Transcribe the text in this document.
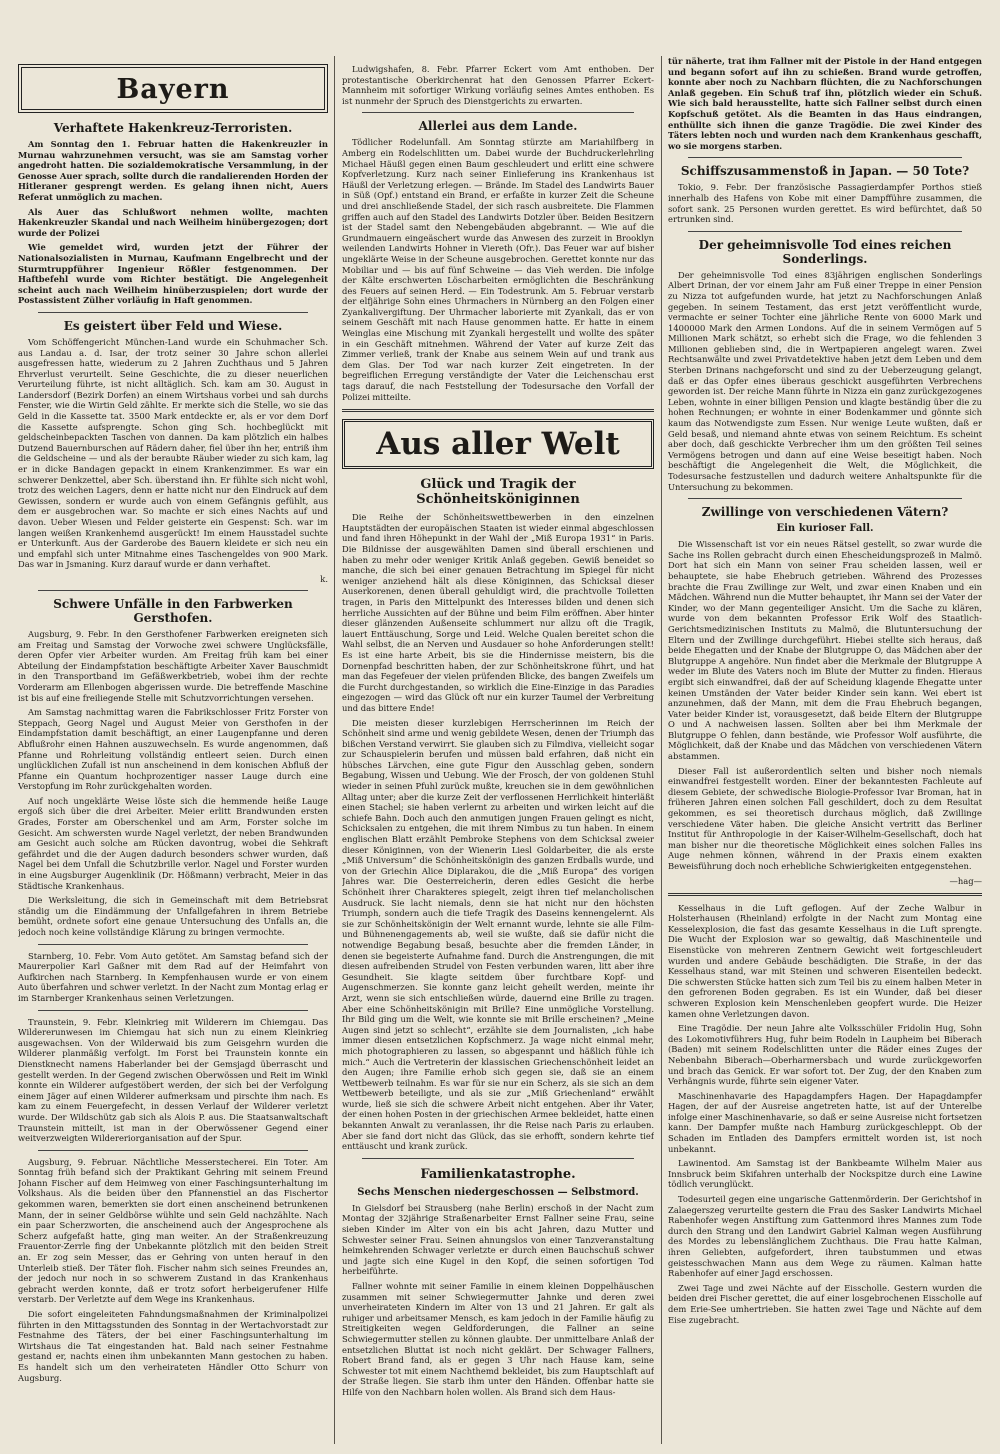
Bayern
Verhaftete Hakenkreuz-Terroristen.

Am Sonntag den 1. Februar hatten die Hakenkreuzler in Murnau wahrzunehmen versucht, was sie am Samstag vorher angedroht hatten. Die sozialdemokratische Versammlung, in der Genosse Auer sprach, sollte durch die randalierenden Horden der Hitleraner gesprengt werden. Es gelang ihnen nicht, Auers Referat unmöglich zu machen.

Als Auer das Schlußwort nehmen wollte, machten Hakenkreuzler Skandal und nach Weilheim hinübergezogen; dort wurde der Polizei

Wie gemeldet wird, wurden jetzt der Führer der Nationalsozialisten in Murnau, Kaufmann Engelbrecht und der Sturmtruppführer Ingenieur Rößler festgenommen. Der Haftbefehl wurde vom Richter bestätigt. Die Angelegenheit scheint auch nach Weilheim hinüberzuspielen; dort wurde der Postassistent Zülher vorläufig in Haft genommen.

Es geistert über Feld und Wiese.

Vom Schöffengericht München-Land wurde ein Schuhmacher Sch. aus Landau a. d. Isar, der trotz seiner 30 Jahre schon allerlei ausgefressen hatte, wiederum zu 2 Jahren Zuchthaus und 5 Jahren Ehrverlust verurteilt. Seine Geschichte, die zu dieser neuerlichen Verurteilung führte, ist nicht alltäglich. Sch. kam am 30. August in Landersdorf (Bezirk Dorfen) an einem Wirtshaus vorbei und sah durchs Fenster, wie die Wirtin Geld zählte. Er merkte sich die Stelle, wo sie das Geld in die Kassette tat. 3500 Mark entdeckte er, als er vor dem Dorf die Kassette aufsprengte. Schon ging Sch. hochbeglückt mit geldscheinbepackten Taschen von dannen. Da kam plötzlich ein halbes Dutzend Bauernburschen auf Rädern daher, fiel über ihn her, entriß ihm die Geldscheine — und als der beraubte Räuber wieder zu sich kam, lag er in dicke Bandagen gepackt in einem Krankenzimmer. Es war ein schwerer Denkzettel, aber Sch. überstand ihn. Er fühlte sich nicht wohl, trotz des weichen Lagers, denn er hatte nicht nur den Eindruck auf dem Gewissen, sondern er wurde auch von einem Gefängnis gefühlt, aus dem er ausgebrochen war. So machte er sich eines Nachts auf und davon. Ueber Wiesen und Felder geisterte ein Gespenst: Sch. war im langen weißen Krankenhemd ausgerückt! Im einem Hausstadel suchte er Unterkunft. Aus der Garderobe des Bauern kleidete er sich neu ein und empfahl sich unter Mitnahme eines Taschengeldes von 900 Mark. Das war in Jsmaning. Kurz darauf wurde er dann verhaftet.

k.
Schwere Unfälle in den Farbwerken Gersthofen.

Augsburg, 9. Febr. In den Gersthofener Farbwerken ereigneten sich am Freitag und Samstag der Vorwoche zwei schwere Unglücksfälle, deren Opfer vier Arbeiter wurden. Am Freitag früh kam bei einer Abteilung der Eindampfstation beschäftigte Arbeiter Xaver Bauschmidt in den Transportband im Gefäßwerkbetrieb, wobei ihm der rechte Vorderarm am Ellenbogen abgerissen wurde. Die betreffende Maschine ist bis auf eine freiliegende Stelle mit Schutzvorrichtungen versehen.

Am Samstag nachmittag waren die Fabrikschlosser Fritz Forster von Steppach, Georg Nagel und August Meier von Gersthofen in der Eindampfstation damit beschäftigt, an einer Laugenpfanne und deren Abflußrohr einen Hahnen auszuwechseln. Es wurde angenommen, daß Pfanne und Rohrleitung vollständig entleert seien. Durch einen unglücklichen Zufall ist nun anscheinend in dem konischen Abfluß der Pfanne ein Quantum hochprozentiger nasser Lauge durch eine Verstopfung im Rohr zurückgehalten worden.

Auf noch ungeklärte Weise löste sich die hemmende heiße Lauge ergoß sich über die drei Arbeiter. Meier erlitt Brandwunden ersten Grades, Forster am Oberschenkel und am Arm, Forster solche im Gesicht. Am schwersten wurde Nagel verletzt, der neben Brandwunden am Gesicht auch solche am Rücken davontrug, wobei die Sehkraft gefährdet und die der Augen dadurch besonders schwer wurden, daß Nagel bei dem Unfall die Schutzbrille verlor. Nagel und Forster wurden in eine Augsburger Augenklinik (Dr. Hößmann) verbracht, Meier in das Städtische Krankenhaus.

Die Werksleitung, die sich in Gemeinschaft mit dem Betriebsrat ständig um die Eindämmung der Unfallgefahren in ihrem Betriebe bemüht, ordnete sofort eine genaue Untersuchung des Unfalls an, die jedoch noch keine vollständige Klärung zu bringen vermochte.

Starnberg, 10. Febr. Vom Auto getötet. Am Samstag befand sich der Maurerpolier Karl Gaßner mit dem Rad auf der Heimfahrt von Aufkirchen nach Starnberg. In Kempfenhausen wurde er von einem Auto überfahren und schwer verletzt. In der Nacht zum Montag erlag er im Starnberger Krankenhaus seinen Verletzungen.

Traunstein, 9. Febr. Kleinkrieg mit Wilderern im Chiemgau. Das Wildererunwesen im Chiemgau hat sich nun zu einem Kleinkrieg ausgewachsen. Von der Wilderwaid bis zum Geisgehrn wurden die Wilderer planmäßig verfolgt. Im Forst bei Traunstein konnte ein Dienstknecht namens Haberlander bei der Gemsjagd überrascht und gestellt werden. In der Gegend zwischen Oberwössen und Reit im Winkl konnte ein Wilderer aufgestöbert werden, der sich bei der Verfolgung einem Jäger auf einen Wilderer aufmerksam und pirschte ihm nach. Es kam zu einem Feuergefecht, in dessen Verlauf der Wilderer verletzt wurde. Der Wildschütz gab sich als Alois P. aus. Die Staatsanwaltschaft Traunstein mitteilt, ist man in der Oberwössener Gegend einer weitverzweigten Wildereriorganisation auf der Spur.

Augsburg, 9. Februar. Nächtliche Messerstecherei. Ein Toter. Am Sonntag früh befand sich der Praktikant Gehring mit seinem Freund Johann Fischer auf dem Heimweg von einer Faschingsunterhaltung im Volkshaus. Als die beiden über den Pfannenstiel an das Fischertor gekommen waren, bemerkten sie dort einen anscheinend betrunkenen Mann, der in seiner Geldbörse wühlte und sein Geld nachzählte. Nach ein paar Scherzworten, die anscheinend auch der Angesprochene als Scherz aufgefaßt hatte, ging man weiter. An der Straßenkreuzung Frauentor-Zerrle fing der Unbekannte plötzlich mit den beiden Streit an. Er zog sein Messer, das er Gehring von unten herauf in den Unterleib stieß. Der Täter floh. Fischer nahm sich seines Freundes an, der jedoch nur noch in so schwerem Zustand in das Krankenhaus gebracht werden konnte, daß er trotz sofort herbeigerufener Hilfe verstarb. Der Verletzte auf dem Wege ins Krankenhaus.

Die sofort eingeleiteten Fahndungsmaßnahmen der Kriminalpolizei führten in den Mittagsstunden des Sonntag in der Wertachvorstadt zur Festnahme des Täters, der bei einer Faschingsunterhaltung im Wirtshaus die Tat eingestanden hat. Bald nach seiner Festnahme gestand er, nachts einen ihm unbekannten Mann gestochen zu haben. Es handelt sich um den verheirateten Händler Otto Schurr von Augsburg.

Ludwigshafen, 8. Febr. Pfarrer Eckert vom Amt enthoben. Der protestantische Oberkirchenrat hat den Genossen Pfarrer Eckert-Mannheim mit sofortiger Wirkung vorläufig seines Amtes enthoben. Es ist nunmehr der Spruch des Dienstgerichts zu erwarten.

Allerlei aus dem Lande.

Tödlicher Rodelunfall. Am Sonntag stürzte am Mariahilfberg in Amberg ein Rodelschlitten um. Dabei wurde der Buchdruckerlehrling Michael Häußl gegen einen Baum geschleudert und erlitt eine schwere Kopfverletzung. Kurz nach seiner Einlieferung ins Krankenhaus ist Häußl der Verletzung erlegen. — Brände. Im Stadel des Landwirts Bauer in Süß (Opf.) entstand ein Brand, er erfaßte in kurzer Zeit die Scheune und drei anschließende Stadel, der sich rasch ausbreitete. Die Flammen griffen auch auf den Stadel des Landwirts Dotzler über. Beiden Besitzern ist der Stadel samt den Nebengebäuden abgebrannt. — Wie auf die Grundmauern eingeäschert wurde das Anwesen des zurzeit in Brooklyn weilenden Landwirts Hohner in Viereth (Ofr.). Das Feuer war auf bisher ungeklärte Weise in der Scheune ausgebrochen. Gerettet konnte nur das Mobiliar und — bis auf fünf Schweine — das Vieh werden. Die infolge der Kälte erschwerten Löscharbeiten ermöglichten die Beschränkung des Feuers auf seinen Herd. — Ein Todestrunk. Am 5. Februar verstarb der elfjährige Sohn eines Uhrmachers in Nürnberg an den Folgen einer Zyankalivergiftung. Der Uhrmacher laborierte mit Zyankali, das er von seinem Geschäft mit nach Hause genommen hatte. Er hatte in einem Weinglas eine Mischung mit Zyankali hergestellt und wollte des später in ein Geschäft mitnehmen. Während der Vater auf kurze Zeit das Zimmer verließ, trank der Knabe aus seinem Wein auf und trank aus dem Glas. Der Tod war nach kurzer Zeit eingetreten. In der begreiflichen Erregung verständigte der Vater die Leichenschau erst tags darauf, die nach Feststellung der Todesursache den Vorfall der Polizei mitteilte.

Aus aller Welt
Glück und Tragik der Schönheitsköniginnen

Die Reihe der Schönheitswettbewerben in den einzelnen Hauptstädten der europäischen Staaten ist wieder einmal abgeschlossen und fand ihren Höhepunkt in der Wahl der „Miß Europa 1931“ in Paris. Die Bildnisse der ausgewählten Damen sind überall erschienen und haben zu mehr oder weniger Kritik Anlaß gegeben. Gewiß beneidet so manche, die sich bei einer genauen Betrachtung im Spiegel für nicht weniger anziehend hält als diese Königinnen, das Schicksal dieser Auserkorenen, denen überall gehuldigt wird, die prachtvolle Toiletten tragen, in Paris den Mittelpunkt des Interesses bilden und denen sich herrliche Aussichten auf der Bühne und beim Film eröffnen. Aber hinter dieser glänzenden Außenseite schlummert nur allzu oft die Tragik, lauert Enttäuschung, Sorge und Leid. Welche Qualen bereitet schon die Wahl selbst, die an Nerven und Ausdauer so hohe Anforderungen stellt! Es ist eine harte Arbeit, bis sie die Hindernisse meistern, bis die Dornenpfad beschritten haben, der zur Schönheitskrone führt, und hat man das Fegefeuer der vielen prüfenden Blicke, des bangen Zweifels um die Furcht durchgestanden, so wirklich die Eine-Einzige in das Paradies eingezogen — wird das Glück oft nur ein kurzer Taumel der Verbreitung und das bittere Ende!

Die meisten dieser kurzlebigen Herrscherinnen im Reich der Schönheit sind arme und wenig gebildete Wesen, denen der Triumph das bißchen Verstand verwirrt. Sie glauben sich zu Filmdiva, vielleicht sogar zur Schauspielerin berufen und müssen bald erfahren, daß nicht ein hübsches Lärvchen, eine gute Figur den Ausschlag geben, sondern Begabung, Wissen und Uebung. Wie der Frosch, der von goldenen Stuhl wieder in seinen Pfuhl zurück mußte, kreuchen sie in dem gewöhnlichen Alltag unter; aber die kurze Zeit der verflossenen Herrlichkeit hinterläßt einen Stachel; sie haben verlernt zu arbeiten und wirken leicht auf die schiefe Bahn. Doch auch den anmutigen jungen Frauen gelingt es nicht, Schicksalen zu entgehen, die mit ihrem Nimbus zu tun haben. In einem englischen Blatt erzählt Pembroke Stephens von dem Schicksal zweier dieser Königinnen, von der Wienerin Liesl Goldarbeiter, die als erste „Miß Universum“ die Schönheitskönigin des ganzen Erdballs wurde, und von der Griechin Alice Diplarakou, die die „Miß Europa“ des vorigen Jahres war. Die Oesterreicherin, deren edles Gesicht die herbe Schönheit ihrer Charakteres spiegelt, zeigt ihren tief melancholischen Ausdruck. Sie lacht niemals, denn sie hat nicht nur den höchsten Triumph, sondern auch die tiefe Tragik des Daseins kennengelernt. Als sie zur Schönheitskönigin der Welt ernannt wurde, lehnte sie alle Film- und Bühnenengagements ab, weil sie wußte, daß sie dafür nicht die notwendige Begabung besaß, besuchte aber die fremden Länder, in denen sie begeisterte Aufnahme fand. Durch die Anstrengungen, die mit diesen aufreibenden Strudel von Festen verbunden waren, litt aber ihre Gesundheit. Sie klagte seitdem über furchtbare Kopf- und Augenschmerzen. Sie konnte ganz leicht geheilt werden, meinte ihr Arzt, wenn sie sich entschließen würde, dauernd eine Brille zu tragen. Aber eine Schönheitskönigin mit Brille? Eine unmögliche Vorstellung. Ihr Bild ging um die Welt, wie konnte sie mit Brille erscheinen? „Meine Augen sind jetzt so schlecht“, erzählte sie dem Journalisten, „ich habe immer diesen entsetzlichen Kopfschmerz. Ja wage nicht einmal mehr, mich photographieren zu lassen, so abgespannt und häßlich fühle ich mich.“ Auch die Vertreterin der klassischen Griechenschönheit leidet an den Augen; ihre Familie erhob sich gegen sie, daß sie an einem Wettbewerb teilnahm. Es war für sie nur ein Scherz, als sie sich an dem Wettbewerb beteiligte, und als sie zur „Miß Griechenland“ erwählt wurde, ließ sie sich die schwere Arbeit nicht entgehen. Aber ihr Vater, der einen hohen Posten in der griechischen Armee bekleidet, hatte einen bekannten Anwalt zu veranlassen, ihr die Reise nach Paris zu erlauben. Aber sie fand dort nicht das Glück, das sie erhofft, sondern kehrte tief enttäuscht und krank zurück.

Familienkatastrophe.
Sechs Menschen niedergeschossen — Selbstmord.

In Gielsdorf bei Strausberg (nahe Berlin) erschoß in der Nacht zum Montag der 32jährige Straßenarbeiter Ernst Fallner seine Frau, seine sieben Kinder im Alter von ein bis acht Jahren, dazu Mutter und Schwester seiner Frau. Seinen ahnungslos von einer Tanzveranstaltung heimkehrenden Schwager verletzte er durch einen Bauchschuß schwer und jagte sich eine Kugel in den Kopf, die seinen sofortigen Tod herbeiführte.

Fallner wohnte mit seiner Familie in einem kleinen Doppelhäuschen zusammen mit seiner Schwiegermutter Jahnke und deren zwei unverheirateten Kindern im Alter von 13 und 21 Jahren. Er galt als ruhiger und arbeitsamer Mensch, es kam jedoch in der Familie häufig zu Streitigkeiten wegen Geldforderungen, die Fallner an seine Schwiegermutter stellen zu können glaubte. Der unmittelbare Anlaß der entsetzlichen Bluttat ist noch nicht geklärt. Der Schwager Fallners, Robert Brand fand, als er gegen 3 Uhr nach Hause kam, seine Schwester tot mit einem Nachthemd bekleidet, bis zum Hauptschlaft auf der Straße liegen. Sie starb ihm unter den Händen. Offenbar hatte sie Hilfe von den Nachbarn holen wollen. Als Brand sich dem Haus-

tür näherte, trat ihm Fallner mit der Pistole in der Hand entgegen und begann sofort auf ihn zu schießen. Brand wurde getroffen, konnte aber noch zu Nachbarn flüchten, die zu Nachforschungen Anlaß gegeben. Ein Schuß traf ihn, plötzlich wieder ein Schuß. Wie sich bald herausstellte, hatte sich Fallner selbst durch einen Kopfschuß getötet. Als die Beamten in das Haus eindrangen, enthüllte sich ihnen die ganze Tragödie. Die zwei Kinder des Täters lebten noch und wurden nach dem Krankenhaus geschafft, wo sie morgens starben.

Schiffszusammenstoß in Japan. — 50 Tote?

Tokio, 9. Febr. Der französische Passagierdampfer Porthos stieß innerhalb des Hafens von Kobe mit einer Dampfführe zusammen, die sofort sank. 25 Personen wurden gerettet. Es wird befürchtet, daß 50 ertrunken sind.

Der geheimnisvolle Tod eines reichen Sonderlings.

Der geheimnisvolle Tod eines 83jährigen englischen Sonderlings Albert Drinan, der vor einem Jahr am Fuß einer Treppe in einer Pension zu Nizza tot aufgefunden wurde, hat jetzt zu Nachforschungen Anlaß gegeben. In seinem Testament, das erst jetzt veröffentlicht wurde, vermachte er seiner Tochter eine jährliche Rente von 6000 Mark und 1400000 Mark den Armen Londons. Auf die in seinem Vermögen auf 5 Millionen Mark schätzt, so erhebt sich die Frage, wo die fehlenden 3 Millionen geblieben sind, die in Wertpapieren angelegt waren. Zwei Rechtsanwälte und zwei Privatdetektive haben jetzt dem Leben und dem Sterben Drinans nachgeforscht und sind zu der Ueberzeugung gelangt, daß er das Opfer eines überaus geschickt ausgeführten Verbrechens geworden ist. Der reiche Mann führte in Nizza ein ganz zurückgezogenes Leben, wohnte in einer billigen Pension und klagte beständig über die zu hohen Rechnungen; er wohnte in einer Bodenkammer und gönnte sich kaum das Notwendigste zum Essen. Nur wenige Leute wußten, daß er Geld besaß, und niemand ahnte etwas von seinem Reichtum. Es scheint aber doch, daß geschickte Verbrecher ihm um den größten Teil seines Vermögens betrogen und dann auf eine Weise beseitigt haben. Noch beschäftigt die Angelegenheit die Welt, die Möglichkeit, die Todesursache festzustellen und dadurch weitere Anhaltspunkte für die Untersuchung zu bekommen.

Zwillinge von verschiedenen Vätern?
Ein kurioser Fall.

Die Wissenschaft ist vor ein neues Rätsel gestellt, so zwar wurde die Sache ins Rollen gebracht durch einen Ehescheidungsprozeß in Malmö. Dort hat sich ein Mann von seiner Frau scheiden lassen, weil er behauptete, sie habe Ehebruch getrieben. Während des Prozesses brachte die Frau Zwillinge zur Welt, und zwar einen Knaben und ein Mädchen. Während nun die Mutter behauptet, ihr Mann sei der Vater der Kinder, wo der Mann gegenteiliger Ansicht. Um die Sache zu klären, wurde von dem bekannten Professor Erik Wolf des Staatlich-Gerichtsmedizinischen Instituts zu Malmö, die Blutuntersuchung der Eltern und der Zwillinge durchgeführt. Hiebei stellte sich heraus, daß beide Ehegatten und der Knabe der Blutgruppe O, das Mädchen aber der Blutgruppe A angehöre. Nun findet aber die Merkmale der Blutgruppe A weder im Blute des Vaters noch im Blute der Mutter zu finden. Hieraus ergibt sich einwandfrei, daß der auf Scheidung klagende Ehegatte unter keinen Umständen der Vater beider Kinder sein kann. Wei ebert ist anzunehmen, daß der Mann, mit dem die Frau Ehebruch begangen, Vater beider Kinder ist, vorausgesetzt, daß beide Eltern der Blutgruppe O und A nachweisen lassen. Sollten aber bei ihm Merkmale der Blutgruppe O fehlen, dann bestände, wie Professor Wolf ausführte, die Möglichkeit, daß der Knabe und das Mädchen von verschiedenen Vätern abstammen.

Dieser Fall ist außerordentlich selten und bisher noch niemals einwandfrei festgestellt worden. Einer der bekanntesten Fachleute auf diesem Gebiete, der schwedische Biologie-Professor Ivar Broman, hat in früheren Jahren einen solchen Fall geschildert, doch zu dem Resultat gekommen, es sei theoretisch durchaus möglich, daß Zwillinge verschiedene Väter haben. Die gleiche Ansicht vertritt das Berliner Institut für Anthropologie in der Kaiser-Wilhelm-Gesellschaft, doch hat man bisher nur die theoretische Möglichkeit eines solchen Falles ins Auge nehmen können, während in der Praxis einem exakten Beweisführung doch noch erhebliche Schwierigkeiten entgegenstehen.

—hag—

Kesselhaus in die Luft geflogen. Auf der Zeche Walbur in Holsterhausen (Rheinland) erfolgte in der Nacht zum Montag eine Kesselexplosion, die fast das gesamte Kesselhaus in die Luft sprengte. Die Wucht der Explosion war so gewaltig, daß Maschinenteile und Eisenstücke von mehreren Zentnern Gewicht weit fortgeschleudert wurden und andere Gebäude beschädigten. Die Straße, in der das Kesselhaus stand, war mit Steinen und schweren Eisenteilen bedeckt. Die schwersten Stücke hatten sich zum Teil bis zu einem halben Meter in den gefrorenen Boden gegraben. Es ist ein Wunder, daß bei dieser schweren Explosion kein Menschenleben geopfert wurde. Die Heizer kamen ohne Verletzungen davon.

Eine Tragödie. Der neun Jahre alte Volksschüler Fridolin Hug, Sohn des Lokomotivführers Hug, fuhr beim Rodeln in Laupheim bei Biberach (Baden) mit seinem Rodelschlitten unter die Räder eines Zuges der Nebenbahn Biberach—Oberharmersbach und wurde zurückgeworfen und brach das Genick. Er war sofort tot. Der Zug, der den Knaben zum Verhängnis wurde, führte sein eigener Vater.

Maschinenhavarie des Hapagdampfers Hagen. Der Hapagdampfer Hagen, der auf der Ausreise angetreten hatte, ist auf der Unterelbe infolge einer Maschinenhavarie, so daß er seine Ausreise nicht fortsetzen kann. Der Dampfer mußte nach Hamburg zurückgeschleppt. Ob der Schaden im Entladen des Dampfers ermittelt worden ist, ist noch unbekannt.

Lawinentod. Am Samstag ist der Bankbeamte Wilhelm Maier aus Innsbruck beim Skifahren unterhalb der Nockspitze durch eine Lawine tödlich verunglückt.

Todesurteil gegen eine ungarische Gattenmörderin. Der Gerichtshof in Zalaegerszeg verurteilte gestern die Frau des Sasker Landwirts Michael Rabenhofer wegen Anstiftung zum Gattenmord ihres Mannes zum Tode durch den Strang und den Landwirt Gabriel Kalman wegen Ausführung des Mordes zu lebenslänglichem Zuchthaus. Die Frau hatte Kalman, ihren Geliebten, aufgefordert, ihren taubstummen und etwas geistesschwachen Mann aus dem Wege zu räumen. Kalman hatte Rabenhofer auf einer Jagd erschossen.

Zwei Tage und zwei Nächte auf der Eisscholle. Gestern wurden die beiden drei Fischer gerettet, die auf einer losgebrochenen Eisscholle auf dem Erie-See umhertrieben. Sie hatten zwei Tage und Nächte auf dem Eise zugebracht.
